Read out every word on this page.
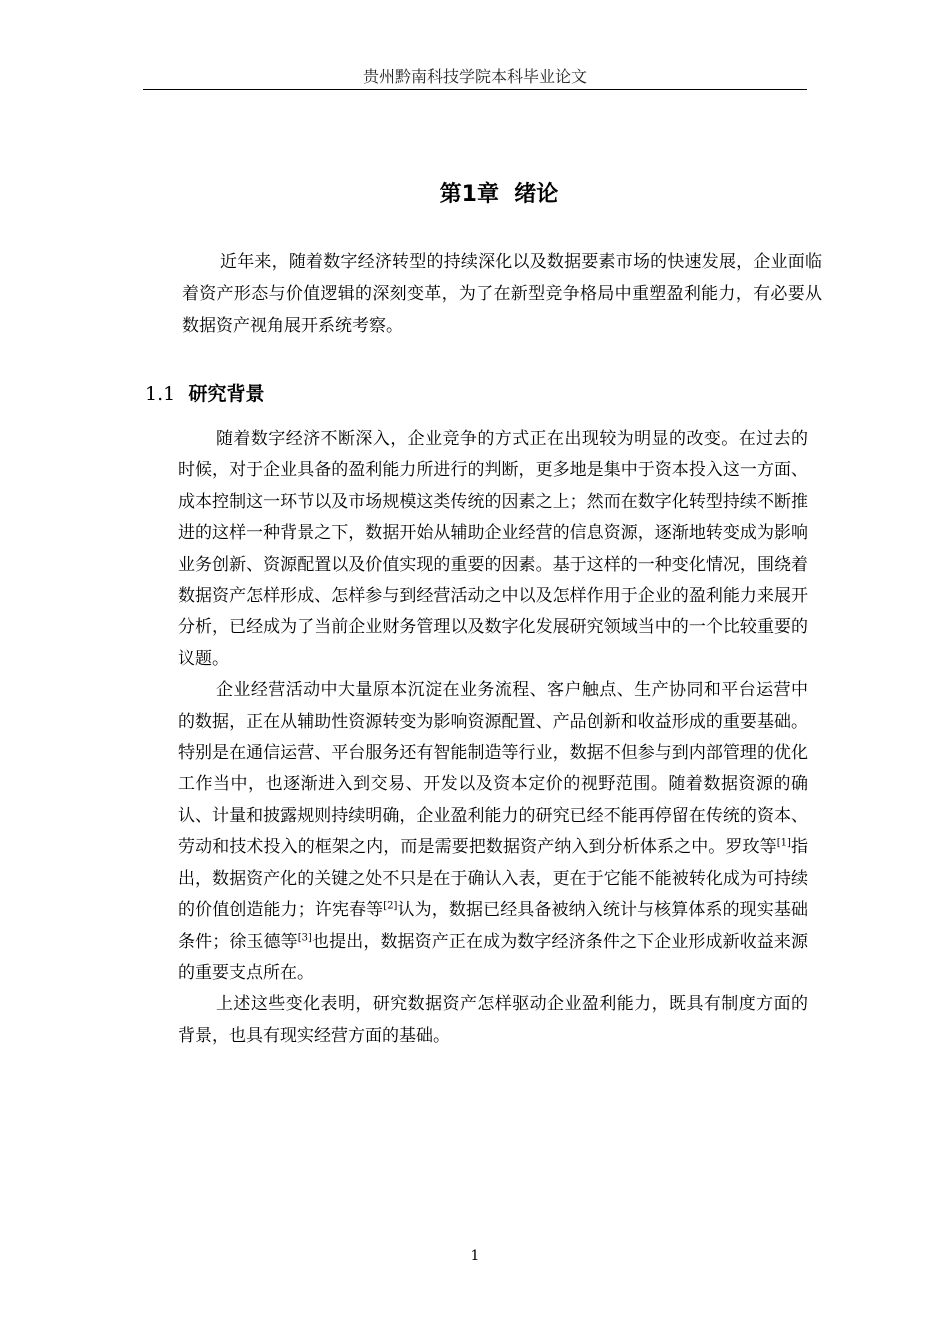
贵州黔南科技学院本科毕业论文
第1章  绪论

近年来，随着数字经济转型的持续深化以及数据要素市场的快速发展，企业面临着资产形态与价值逻辑的深刻变革，为了在新型竞争格局中重塑盈利能力，有必要从数据资产视角展开系统考察。

1.1 研究背景

随着数字经济不断深入，企业竞争的方式正在出现较为明显的改变。在过去的时候，对于企业具备的盈利能力所进行的判断，更多地是集中于资本投入这一方面、成本控制这一环节以及市场规模这类传统的因素之上；然而在数字化转型持续不断推进的这样一种背景之下，数据开始从辅助企业经营的信息资源，逐渐地转变成为影响业务创新、资源配置以及价值实现的重要的因素。基于这样的一种变化情况，围绕着数据资产怎样形成、怎样参与到经营活动之中以及怎样作用于企业的盈利能力来展开分析，已经成为了当前企业财务管理以及数字化发展研究领域当中的一个比较重要的议题。

企业经营活动中大量原本沉淀在业务流程、客户触点、生产协同和平台运营中的数据，正在从辅助性资源转变为影响资源配置、产品创新和收益形成的重要基础。特别是在通信运营、平台服务还有智能制造等行业，数据不但参与到内部管理的优化工作当中，也逐渐进入到交易、开发以及资本定价的视野范围。随着数据资源的确认、计量和披露规则持续明确，企业盈利能力的研究已经不能再停留在传统的资本、劳动和技术投入的框架之内，而是需要把数据资产纳入到分析体系之中。罗玫等[1]指出，数据资产化的关键之处不只是在于确认入表，更在于它能不能被转化成为可持续的价值创造能力；许宪春等[2]认为，数据已经具备被纳入统计与核算体系的现实基础条件；徐玉德等[3]也提出，数据资产正在成为数字经济条件之下企业形成新收益来源的重要支点所在。

上述这些变化表明，研究数据资产怎样驱动企业盈利能力，既具有制度方面的背景，也具有现实经营方面的基础。

1
